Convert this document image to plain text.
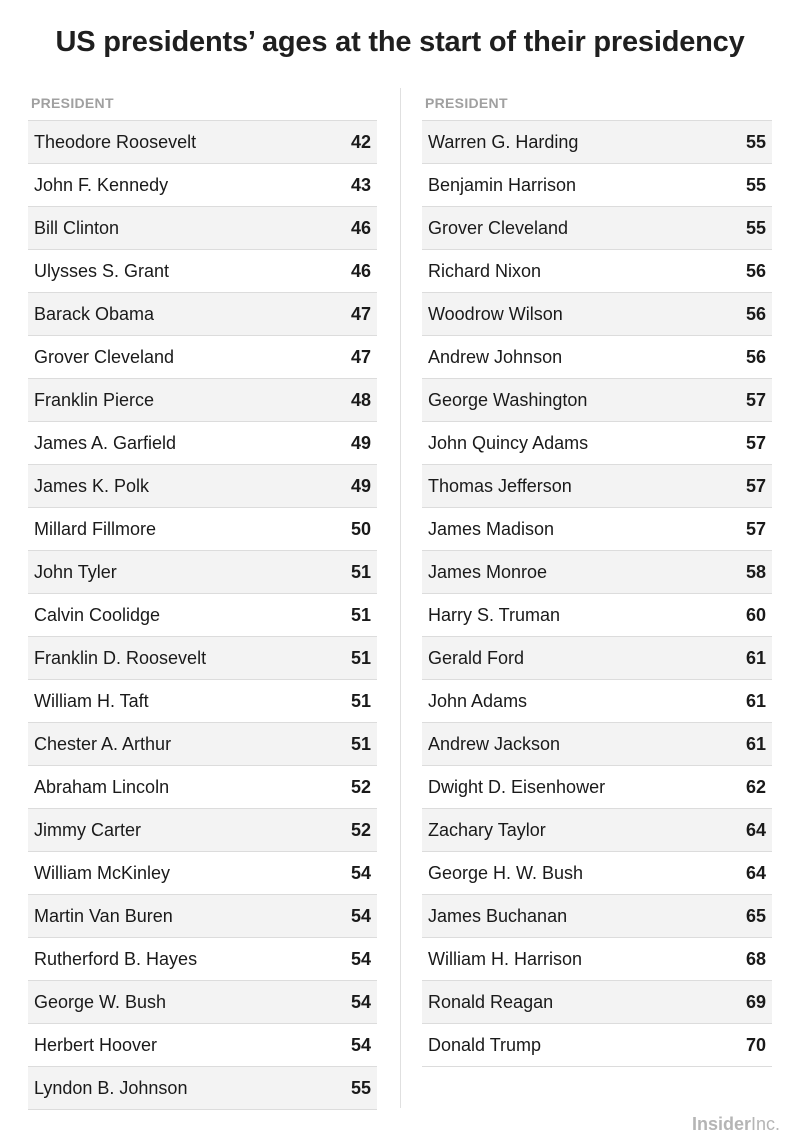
US presidents’ ages at the start of their presidency
PRESIDENT
Theodore Roosevelt	42
John F. Kennedy	43
Bill Clinton	46
Ulysses S. Grant	46
Barack Obama	47
Grover Cleveland	47
Franklin Pierce	48
James A. Garfield	49
James K. Polk	49
Millard Fillmore	50
John Tyler	51
Calvin Coolidge	51
Franklin D. Roosevelt	51
William H. Taft	51
Chester A. Arthur	51
Abraham Lincoln	52
Jimmy Carter	52
William McKinley	54
Martin Van Buren	54
Rutherford B. Hayes	54
George W. Bush	54
Herbert Hoover	54
Lyndon B. Johnson	55
PRESIDENT
Warren G. Harding	55
Benjamin Harrison	55
Grover Cleveland	55
Richard Nixon	56
Woodrow Wilson	56
Andrew Johnson	56
George Washington	57
John Quincy Adams	57
Thomas Jefferson	57
James Madison	57
James Monroe	58
Harry S. Truman	60
Gerald Ford	61
John Adams	61
Andrew Jackson	61
Dwight D. Eisenhower	62
Zachary Taylor	64
George H. W. Bush	64
James Buchanan	65
William H. Harrison	68
Ronald Reagan	69
Donald Trump	70
InsiderInc.
